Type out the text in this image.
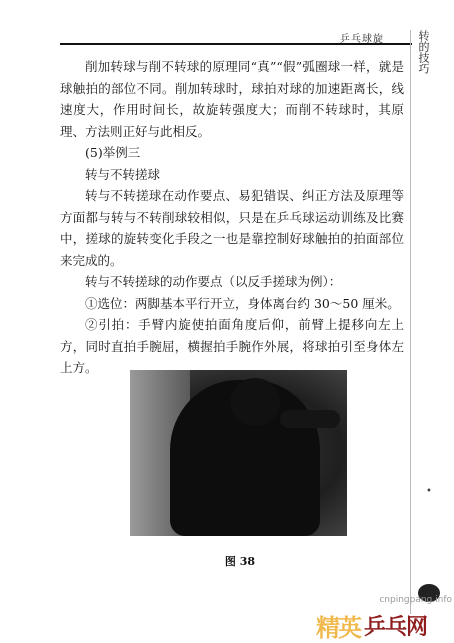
乒乓球旋	转的技巧

削加转球与削不转球的原理同“真”“假”弧圈球一样，就是球触拍的部位不同。削加转球时，球拍对球的加速距离长，线速度大，作用时间长，故旋转强度大；而削不转球时，其原理、方法则正好与此相反。

(5)举例三

转与不转搓球

转与不转搓球在动作要点、易犯错误、纠正方法及原理等方面都与转与不转削球较相似，只是在乒乓球运动训练及比赛中，搓球的旋转变化手段之一也是靠控制好球触拍的拍面部位来完成的。

转与不转搓球的动作要点（以反手搓球为例）：

①选位：两脚基本平行开立，身体离台约 30～50 厘米。

②引拍：手臂内旋使拍面角度后仰，前臂上提移向左上方，同时直拍手腕屈，横握拍手腕作外展，将球拍引至身体左上方。

图 38
•
cnpingpang.info
精英 乒乓网
